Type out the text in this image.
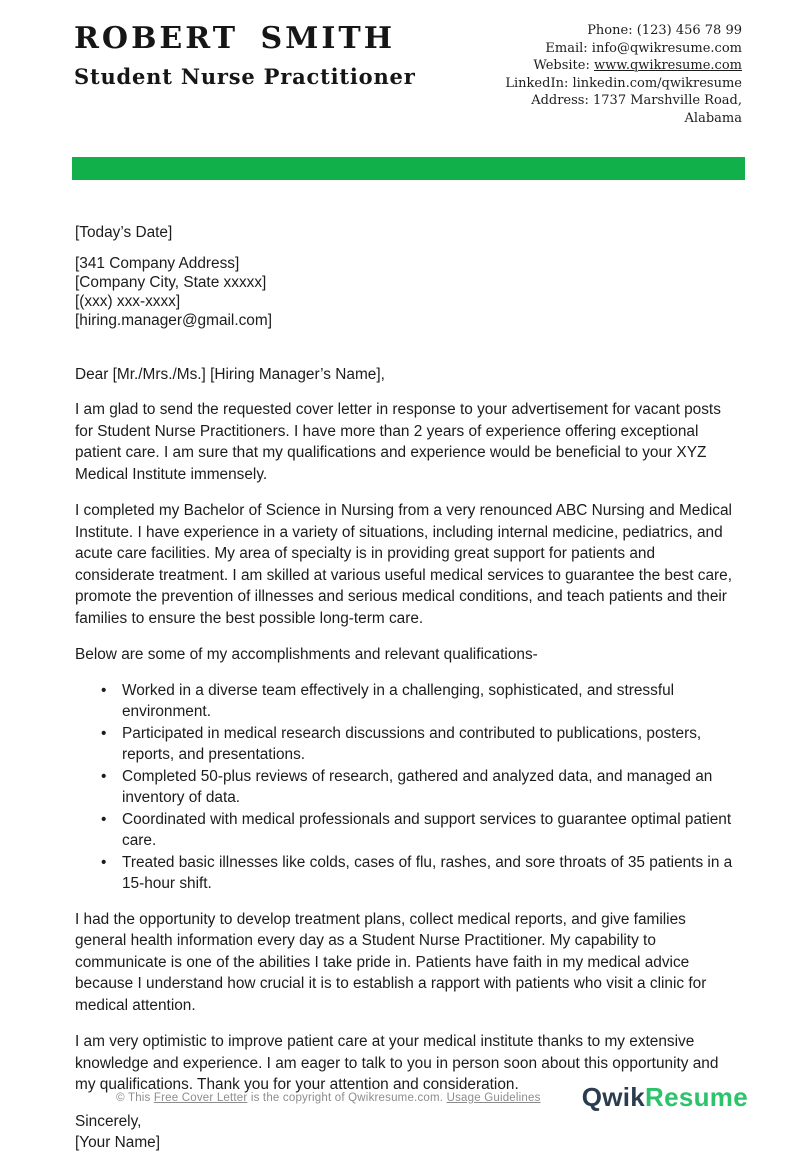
ROBERT SMITH
Student Nurse Practitioner
Phone: (123) 456 78 99
Email: info@qwikresume.com
Website: www.qwikresume.com
LinkedIn: linkedin.com/qwikresume
Address: 1737 Marshville Road,
Alabama

[Today’s Date]

[341 Company Address]
[Company City, State xxxxx]
[(xxx) xxx-xxxx]
[hiring.manager@gmail.com]

Dear [Mr./Mrs./Ms.] [Hiring Manager’s Name],

I am glad to send the requested cover letter in response to your advertisement for vacant posts for Student Nurse Practitioners. I have more than 2 years of experience offering exceptional patient care. I am sure that my qualifications and experience would be beneficial to your XYZ Medical Institute immensely.

I completed my Bachelor of Science in Nursing from a very renounced ABC Nursing and Medical Institute. I have experience in a variety of situations, including internal medicine, pediatrics, and acute care facilities. My area of specialty is in providing great support for patients and considerate treatment. I am skilled at various useful medical services to guarantee the best care, promote the prevention of illnesses and serious medical conditions, and teach patients and their families to ensure the best possible long-term care.

Below are some of my accomplishments and relevant qualifications-

• Worked in a diverse team effectively in a challenging, sophisticated, and stressful environment.
• Participated in medical research discussions and contributed to publications, posters, reports, and presentations.
• Completed 50-plus reviews of research, gathered and analyzed data, and managed an inventory of data.
• Coordinated with medical professionals and support services to guarantee optimal patient care.
• Treated basic illnesses like colds, cases of flu, rashes, and sore throats of 35 patients in a 15-hour shift.

I had the opportunity to develop treatment plans, collect medical reports, and give families general health information every day as a Student Nurse Practitioner. My capability to communicate is one of the abilities I take pride in. Patients have faith in my medical advice because I understand how crucial it is to establish a rapport with patients who visit a clinic for medical attention.

I am very optimistic to improve patient care at your medical institute thanks to my extensive knowledge and experience. I am eager to talk to you in person soon about this opportunity and my qualifications. Thank you for your attention and consideration.

Sincerely,
[Your Name]
© This Free Cover Letter is the copyright of Qwikresume.com. Usage Guidelines	QwikResume
